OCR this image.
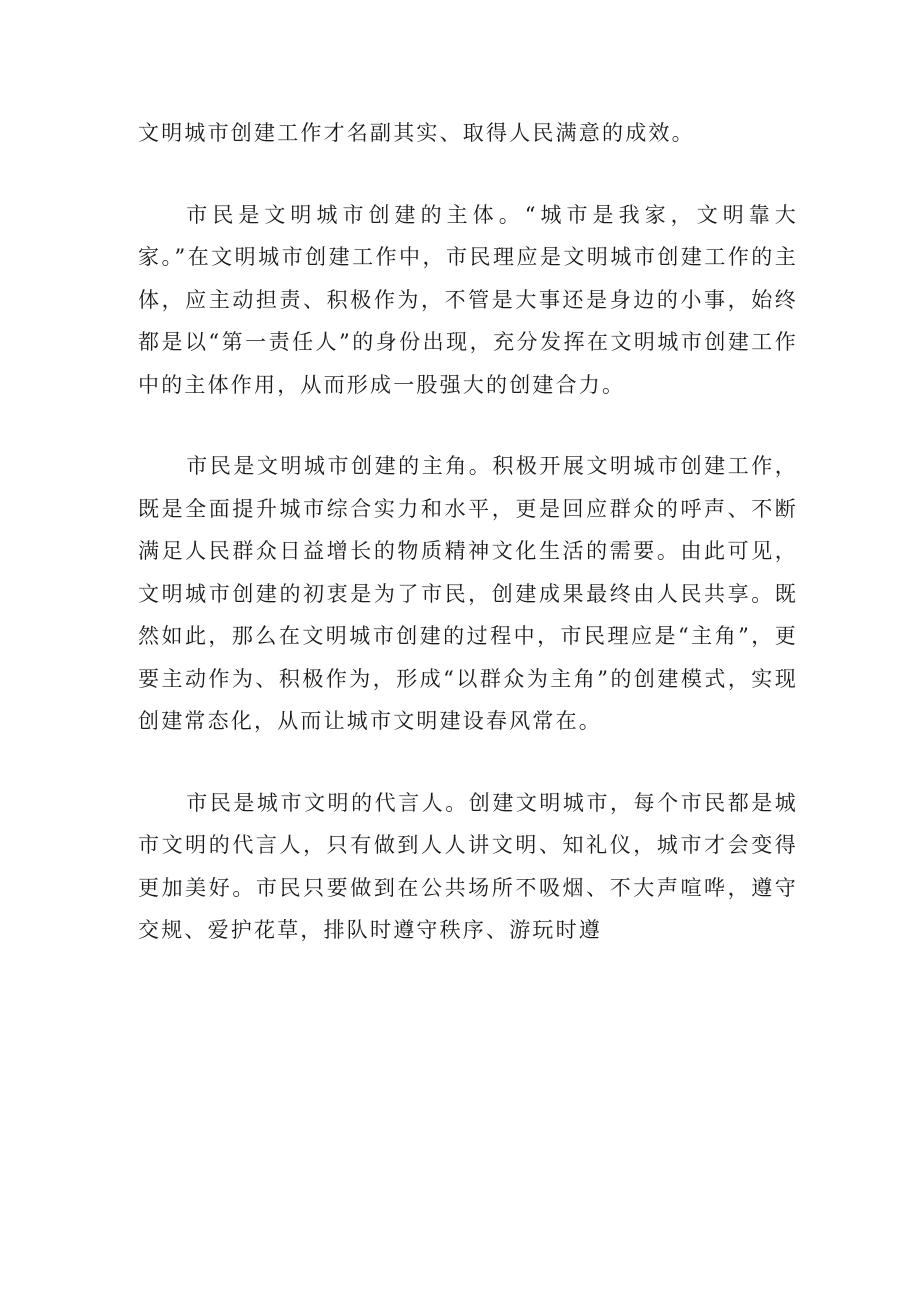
文明城市创建工作才名副其实、取得人民满意的成效。

市民是文明城市创建的主体。“城市是我家，文明靠大家。”在文明城市创建工作中，市民理应是文明城市创建工作的主体，应主动担责、积极作为，不管是大事还是身边的小事，始终都是以“第一责任人”的身份出现，充分发挥在文明城市创建工作中的主体作用，从而形成一股强大的创建合力。

市民是文明城市创建的主角。积极开展文明城市创建工作，既是全面提升城市综合实力和水平，更是回应群众的呼声、不断满足人民群众日益增长的物质精神文化生活的需要。由此可见，文明城市创建的初衷是为了市民，创建成果最终由人民共享。既然如此，那么在文明城市创建的过程中，市民理应是“主角”，更要主动作为、积极作为，形成“以群众为主角”的创建模式，实现创建常态化，从而让城市文明建设春风常在。

市民是城市文明的代言人。创建文明城市，每个市民都是城市文明的代言人，只有做到人人讲文明、知礼仪，城市才会变得更加美好。市民只要做到在公共场所不吸烟、不大声喧哗，遵守交规、爱护花草，排队时遵守秩序、游玩时遵
